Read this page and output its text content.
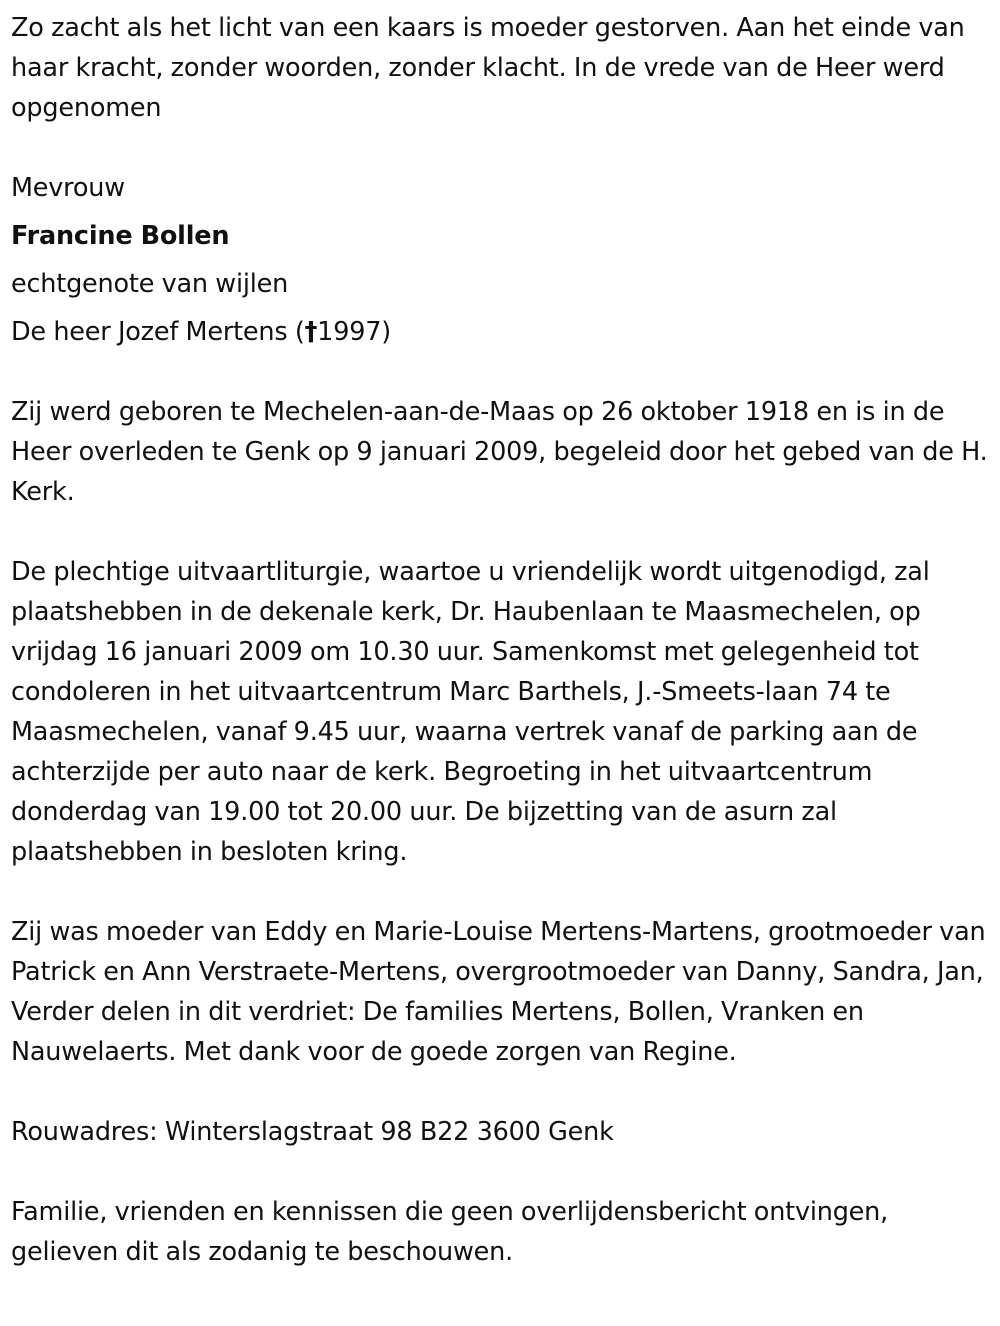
Zo zacht als het licht van een kaars is moeder gestorven. Aan het einde van haar kracht, zonder woorden, zonder klacht. In de vrede van de Heer werd opgenomen

Mevrouw
Francine Bollen
echtgenote van wijlen
De heer Jozef Mertens (†1997)

Zij werd geboren te Mechelen-aan-de-Maas op 26 oktober 1918 en is in de Heer overleden te Genk op 9 januari 2009, begeleid door het gebed van de H. Kerk.

De plechtige uitvaartliturgie, waartoe u vriendelijk wordt uitgenodigd, zal plaatshebben in de dekenale kerk, Dr. Haubenlaan te Maasmechelen, op vrijdag 16 januari 2009 om 10.30 uur. Samenkomst met gelegenheid tot condoleren in het uitvaartcentrum Marc Barthels, J.-Smeets-laan 74 te Maasmechelen, vanaf 9.45 uur, waarna vertrek vanaf de parking aan de achterzijde per auto naar de kerk. Begroeting in het uitvaartcentrum donderdag van 19.00 tot 20.00 uur. De bijzetting van de asurn zal plaatshebben in besloten kring.

Zij was moeder van Eddy en Marie-Louise Mertens-Martens, grootmoeder van Patrick en Ann Verstraete-Mertens, overgrootmoeder van Danny, Sandra, Jan, Verder delen in dit verdriet: De families Mertens, Bollen, Vranken en Nauwelaerts. Met dank voor de goede zorgen van Regine.

Rouwadres: Winterslagstraat 98 B22 3600 Genk

Familie, vrienden en kennissen die geen overlijdensbericht ontvingen, gelieven dit als zodanig te beschouwen.
